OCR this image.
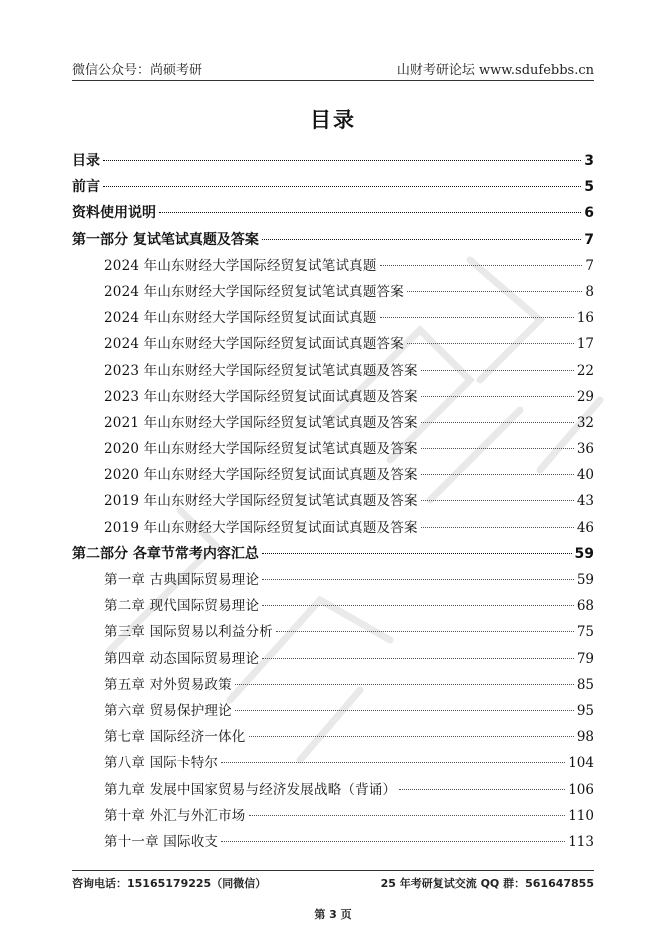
微信公众号：尚硕考研	山财考研论坛 www.sdufebbs.cn
目录
目录	3
前言	5
资料使用说明	6
第一部分 复试笔试真题及答案	7
2024 年山东财经大学国际经贸复试笔试真题	7
2024 年山东财经大学国际经贸复试笔试真题答案	8
2024 年山东财经大学国际经贸复试面试真题	16
2024 年山东财经大学国际经贸复试面试真题答案	17
2023 年山东财经大学国际经贸复试笔试真题及答案	22
2023 年山东财经大学国际经贸复试面试真题及答案	29
2021 年山东财经大学国际经贸复试笔试真题及答案	32
2020 年山东财经大学国际经贸复试笔试真题及答案	36
2020 年山东财经大学国际经贸复试面试真题及答案	40
2019 年山东财经大学国际经贸复试笔试真题及答案	43
2019 年山东财经大学国际经贸复试面试真题及答案	46
第二部分 各章节常考内容汇总	59
第一章 古典国际贸易理论	59
第二章 现代国际贸易理论	68
第三章 国际贸易以利益分析	75
第四章 动态国际贸易理论	79
第五章 对外贸易政策	85
第六章 贸易保护理论	95
第七章 国际经济一体化	98
第八章 国际卡特尔	104
第九章 发展中国家贸易与经济发展战略（背诵）	106
第十章 外汇与外汇市场	110
第十一章 国际收支	113
咨询电话：15165179225（同微信）	25 年考研复试交流 QQ 群：561647855
第 3 页
